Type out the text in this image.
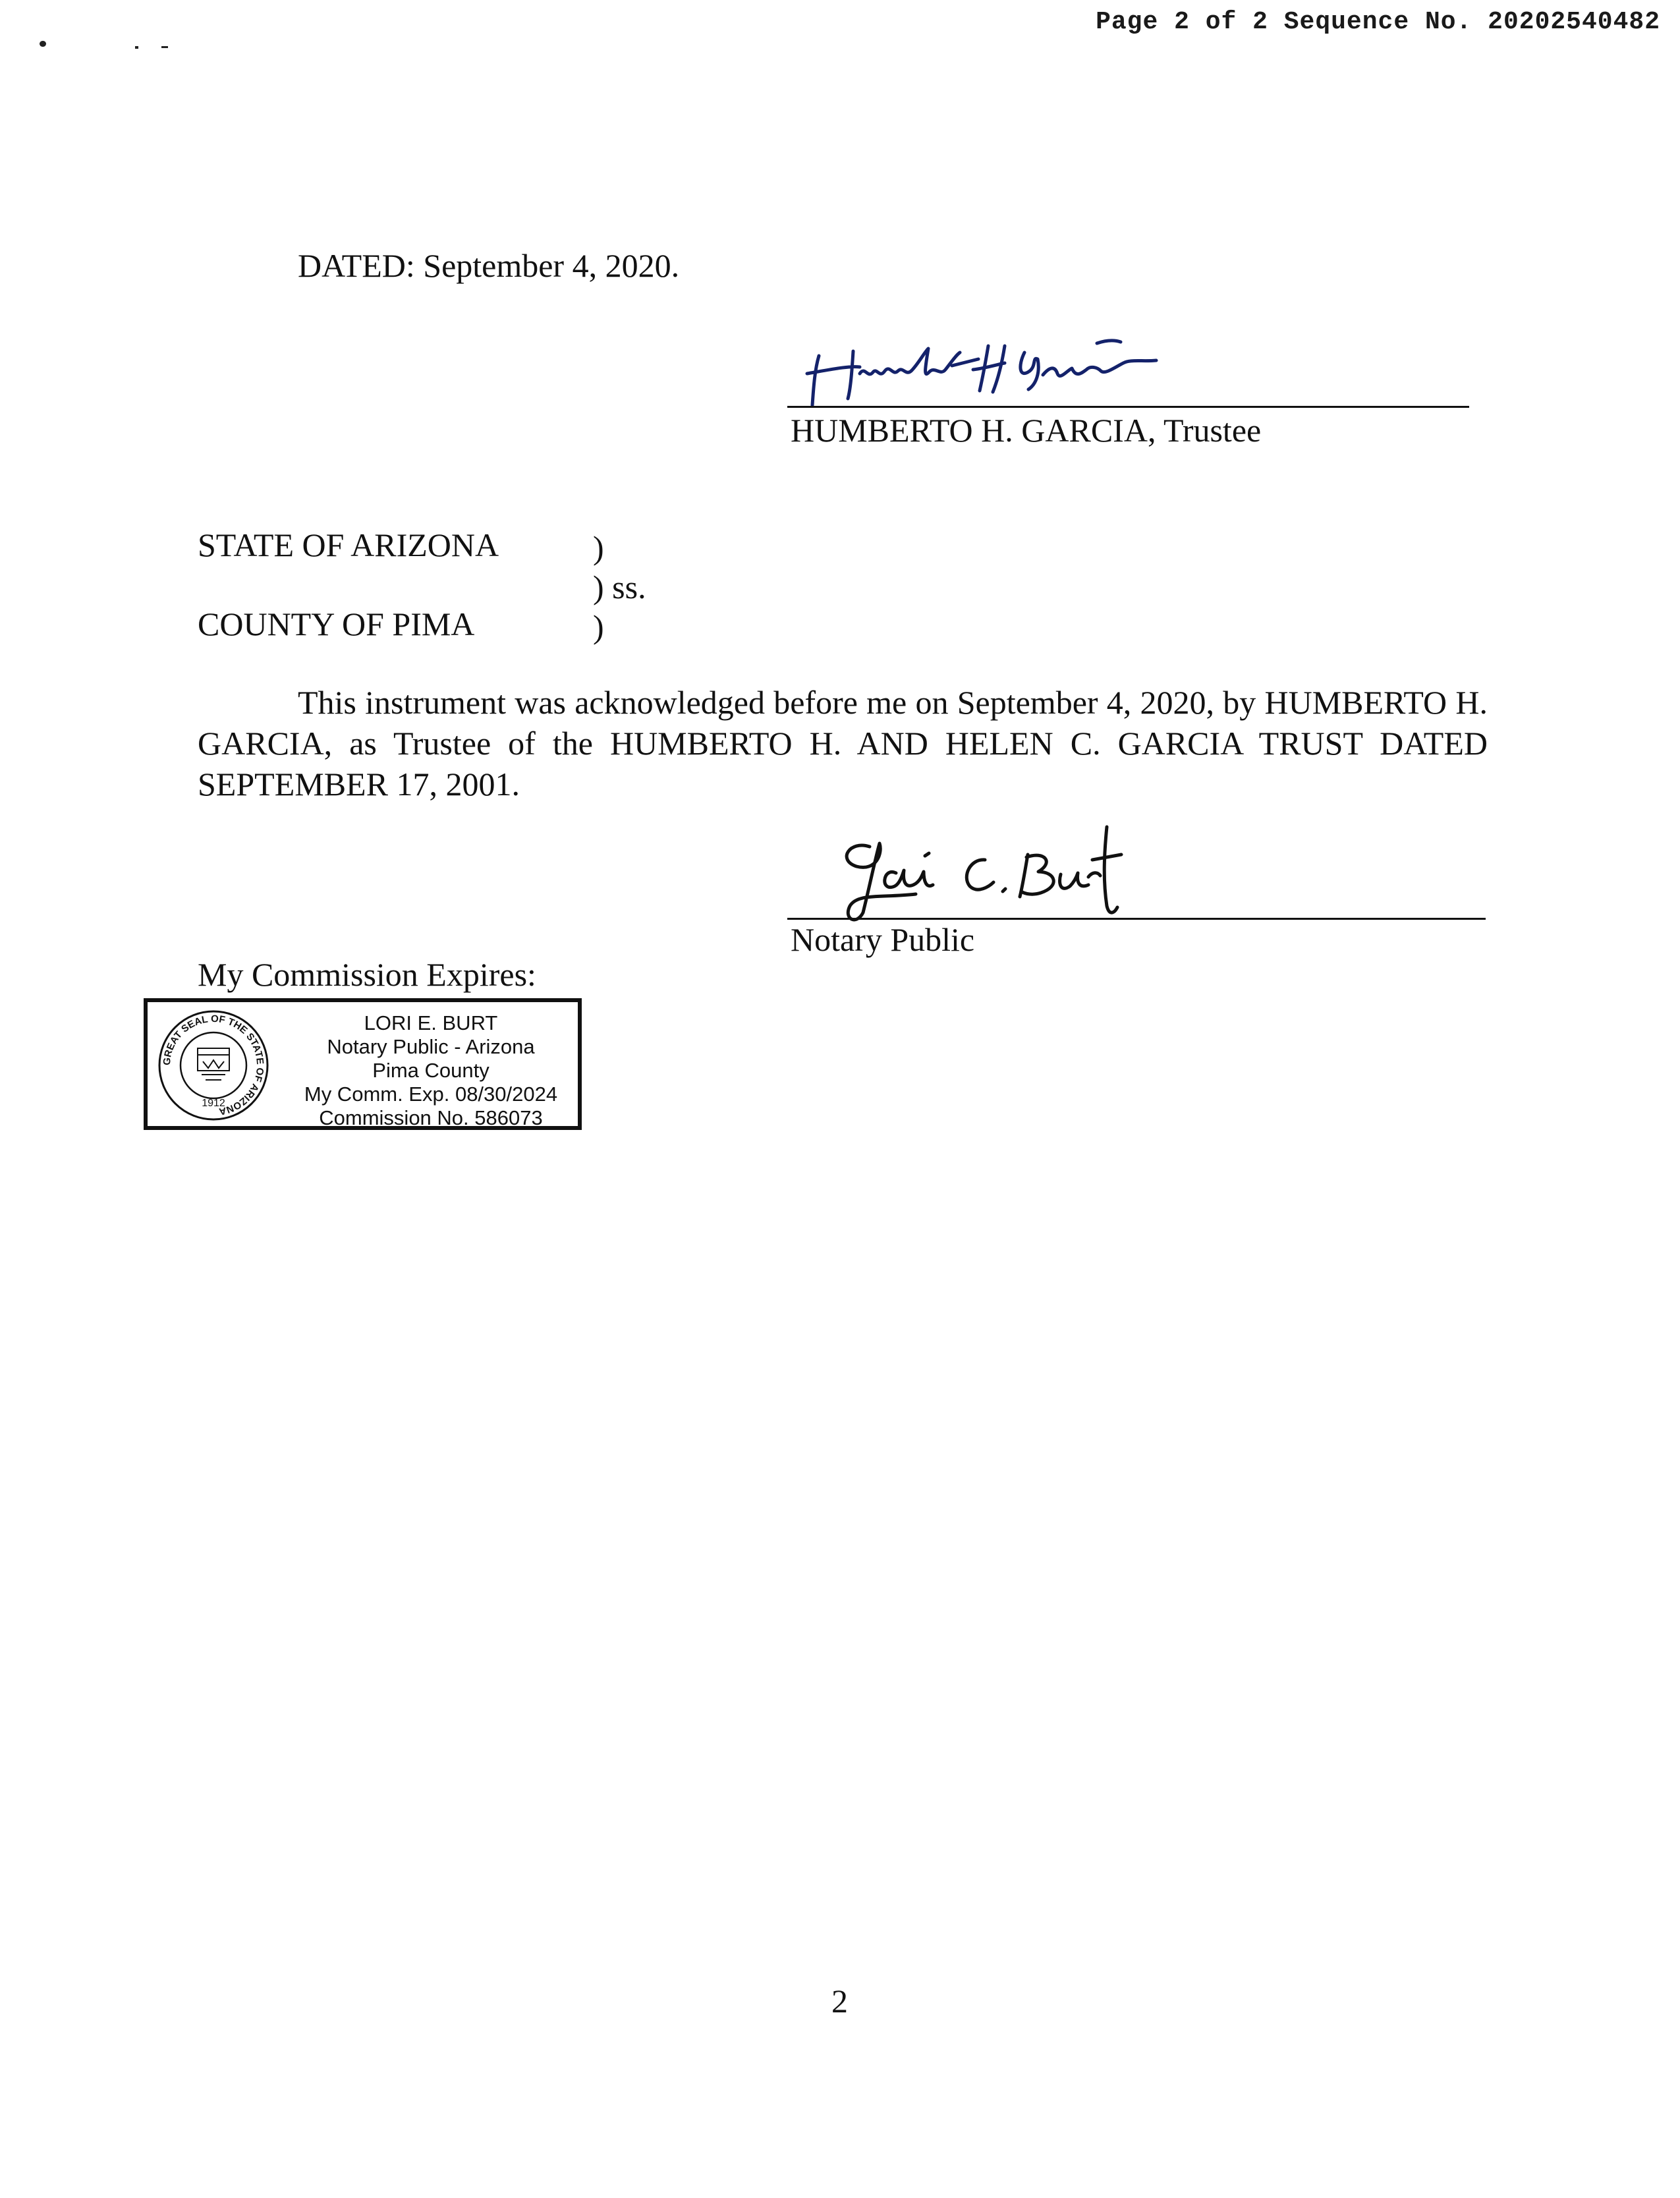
Page 2 of 2 Sequence No. 20202540482
DATED: September 4, 2020.
HUMBERTO H. GARCIA, Trustee
STATE OF ARIZONA	)
) ss.
COUNTY OF PIMA	)
This instrument was acknowledged before me on September 4, 2020, by HUMBERTO H. GARCIA, as Trustee of the HUMBERTO H. AND HELEN C. GARCIA TRUST DATED SEPTEMBER 17, 2001.
Notary Public
My Commission Expires:
GREAT SEAL OF THE STATE OF ARIZONA
1912
LORI E. BURT
Notary Public - Arizona
Pima County
My Comm. Exp. 08/30/2024
Commission No. 586073
2
